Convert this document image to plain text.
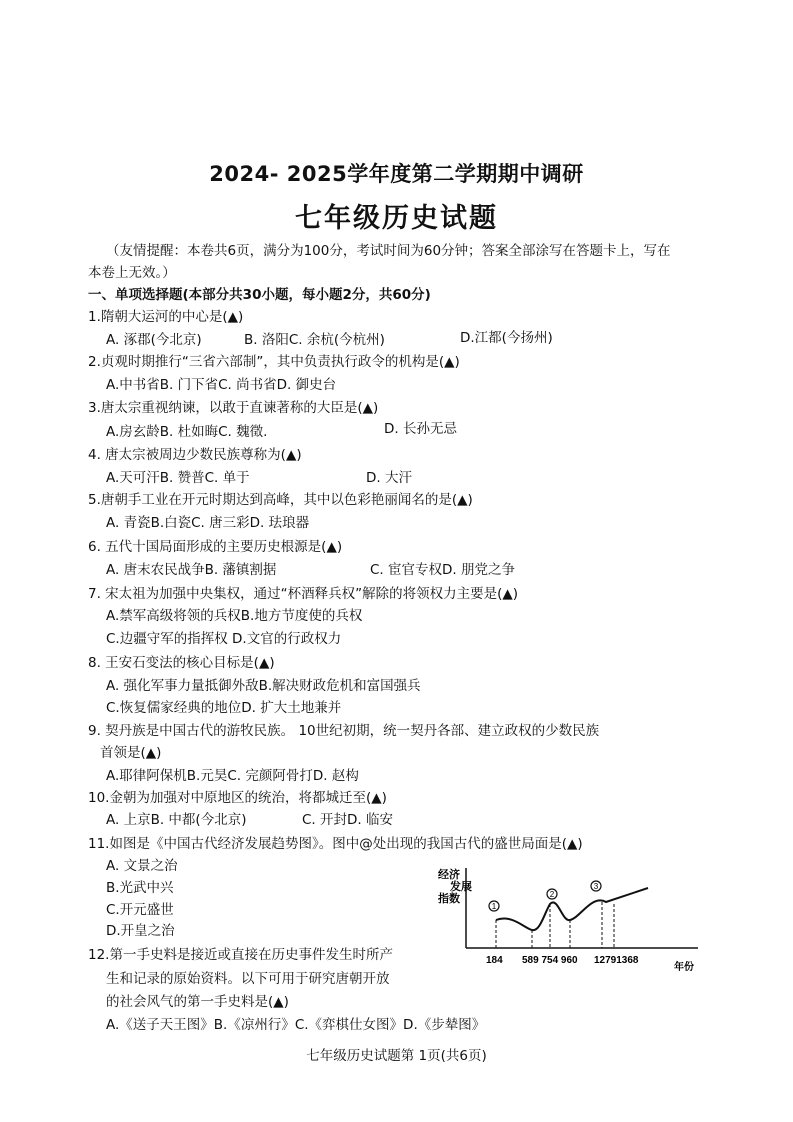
2024- 2025学年度第二学期期中调研
七年级历史试题
（友情提醒：本卷共6页，满分为100分，考试时间为60分钟；答案全部涂写在答题卡上，写在
本卷上无效。）
一、单项选择题(本部分共30小题，每小题2分，共60分)
1.隋朝大运河的中心是(▲)
A. 涿郡(今北京)	B. 洛阳C. 余杭(今杭州)	D.江都(今扬州)
2.贞观时期推行“三省六部制”，其中负责执行政令的机构是(▲)
A.中书省B. 门下省C. 尚书省D. 御史台
3.唐太宗重视纳谏，以敢于直谏著称的大臣是(▲)
A.房玄龄B. 杜如晦C. 魏徵.	D. 长孙无忌
4. 唐太宗被周边少数民族尊称为(▲)
A.天可汗B. 赞普C. 单于	D. 大汗
5.唐朝手工业在开元时期达到高峰，其中以色彩艳丽闻名的是(▲)
A. 青瓷B.白瓷C. 唐三彩D. 珐琅器
6. 五代十国局面形成的主要历史根源是(▲)
A. 唐末农民战争B. 藩镇割据	C. 宦官专权D. 朋党之争
7. 宋太祖为加强中央集权，通过“杯酒释兵权”解除的将领权力主要是(▲)
A.禁军高级将领的兵权B.地方节度使的兵权
C.边疆守军的指挥权 D.文官的行政权力
8. 王安石变法的核心目标是(▲)
A. 强化军事力量抵御外敌B.解决财政危机和富国强兵
C.恢复儒家经典的地位D. 扩大土地兼并
9. 契丹族是中国古代的游牧民族。 10世纪初期，统一契丹各部、建立政权的少数民族
首领是(▲)
A.耶律阿保机B.元昊C. 完颜阿骨打D. 赵构
10.金朝为加强对中原地区的统治，将都城迁至(▲)
A. 上京B. 中都(今北京)	C. 开封D. 临安
11.如图是《中国古代经济发展趋势图》。图中@处出现的我国古代的盛世局面是(▲)
A. 文景之治
B.光武中兴
C.开元盛世
D.开皇之治
12.第一手史料是接近或直接在历史事件发生时所产
生和记录的原始资料。以下可用于研究唐朝开放
的社会风气的第一手史料是(▲)
A.《送子天王图》B.《凉州行》C.《弈棋仕女图》D.《步辇图》
经济
发展
指数
1
2
3
184 589 754 960 12791368
年份
七年级历史试题第 1页(共6页)
